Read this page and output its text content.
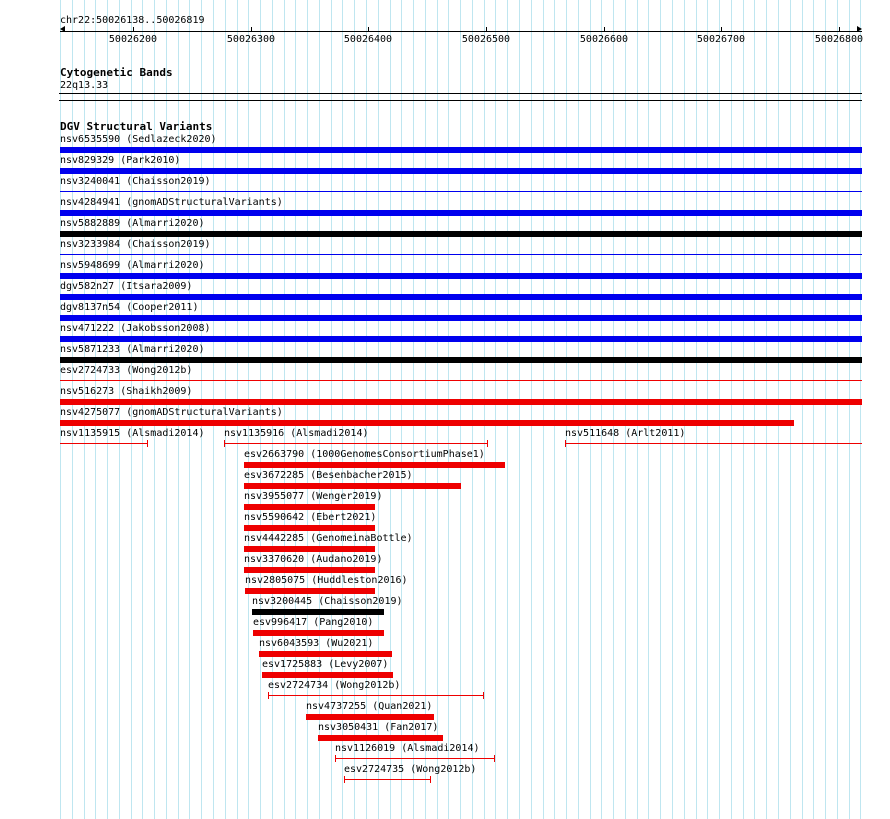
chr22:50026138..50026819
50026200	50026300	50026400	50026500	50026600	50026700	50026800
Cytogenetic Bands
22q13.33
DGV Structural Variants
nsv6535590 (Sedlazeck2020)
nsv829329 (Park2010)
nsv3240041 (Chaisson2019)
nsv4284941 (gnomADStructuralVariants)
nsv5882889 (Almarri2020)
nsv3233984 (Chaisson2019)
nsv5948699 (Almarri2020)
dgv582n27 (Itsara2009)
dgv8137n54 (Cooper2011)
nsv471222 (Jakobsson2008)
nsv5871233 (Almarri2020)
esv2724733 (Wong2012b)
nsv516273 (Shaikh2009)
nsv4275077 (gnomADStructuralVariants)
nsv1135915 (Alsmadi2014) nsv1135916 (Alsmadi2014)	nsv511648 (Arlt2011)
esv2663790 (1000GenomesConsortiumPhase1)
esv3672285 (Besenbacher2015)
nsv3955077 (Wenger2019)
nsv5590642 (Ebert2021)
nsv4442285 (GenomeinaBottle)
nsv3370620 (Audano2019)
nsv2805075 (Huddleston2016)
nsv3200445 (Chaisson2019)
esv996417 (Pang2010)
nsv6043593 (Wu2021)
esv1725883 (Levy2007)
esv2724734 (Wong2012b)
nsv4737255 (Quan2021)
nsv3050431 (Fan2017)
nsv1126019 (Alsmadi2014)
esv2724735 (Wong2012b)
